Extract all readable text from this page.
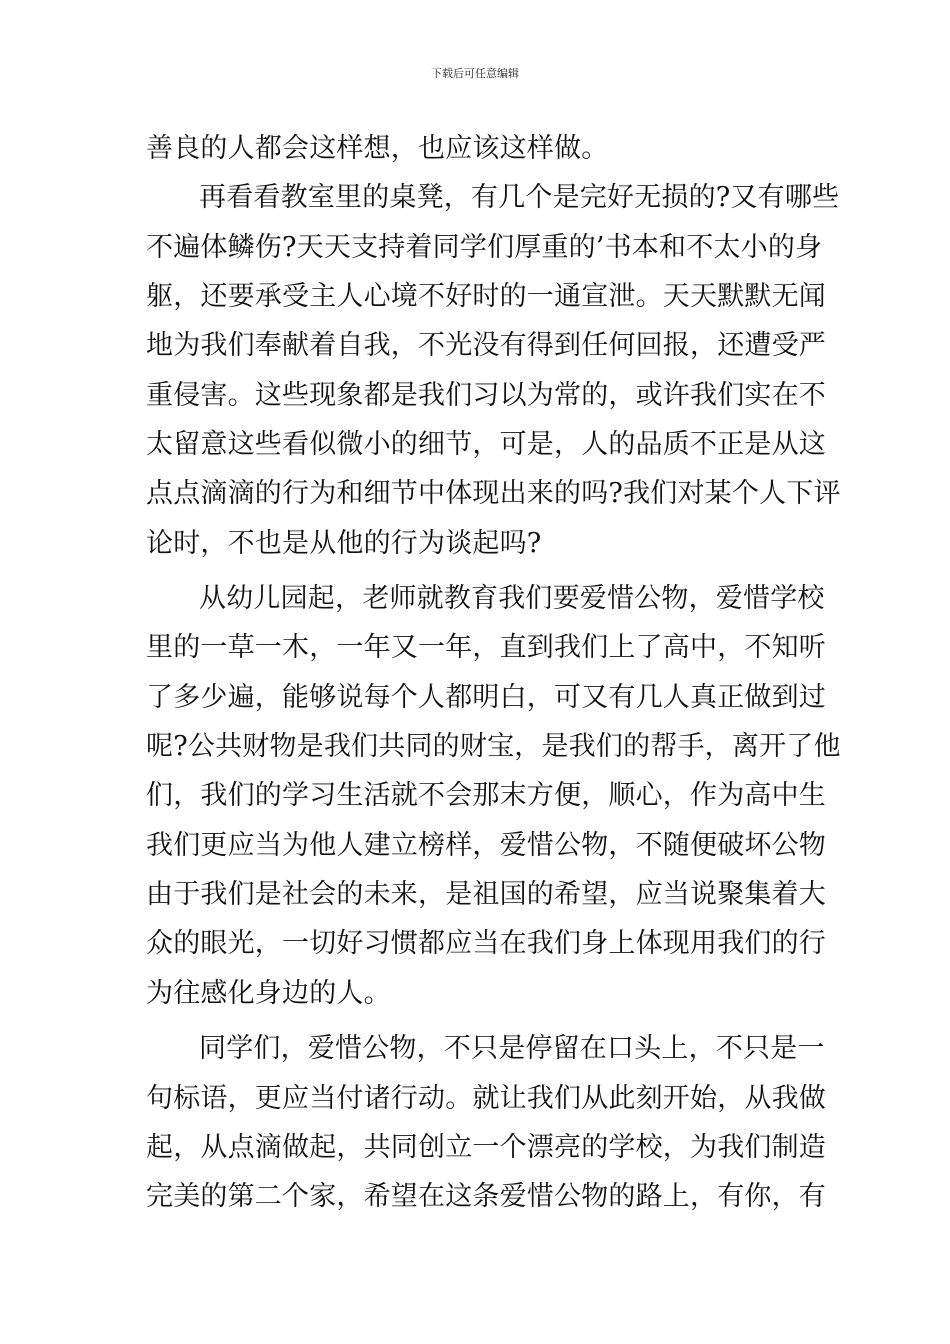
下载后可任意编辑
善良的人都会这样想，也应该这样做。
再看看教室里的桌凳，有几个是完好无损的?又有哪些
不遍体鳞伤?天天支持着同学们厚重的’书本和不太小的身
躯，还要承受主人心境不好时的一通宣泄。天天默默无闻
地为我们奉献着自我，不光没有得到任何回报，还遭受严
重侵害。这些现象都是我们习以为常的，或许我们实在不
太留意这些看似微小的细节，可是，人的品质不正是从这
点点滴滴的行为和细节中体现出来的吗?我们对某个人下评
论时，不也是从他的行为谈起吗?
从幼儿园起，老师就教育我们要爱惜公物，爱惜学校
里的一草一木，一年又一年，直到我们上了高中，不知听
了多少遍，能够说每个人都明白，可又有几人真正做到过
呢?公共财物是我们共同的财宝，是我们的帮手，离开了他
们，我们的学习生活就不会那末方便，顺心，作为高中生
我们更应当为他人建立榜样，爱惜公物，不随便破坏公物
由于我们是社会的未来，是祖国的希望，应当说聚集着大
众的眼光，一切好习惯都应当在我们身上体现用我们的行
为往感化身边的人。
同学们，爱惜公物，不只是停留在口头上，不只是一
句标语，更应当付诸行动。就让我们从此刻开始，从我做
起，从点滴做起，共同创立一个漂亮的学校，为我们制造
完美的第二个家，希望在这条爱惜公物的路上，有你，有
